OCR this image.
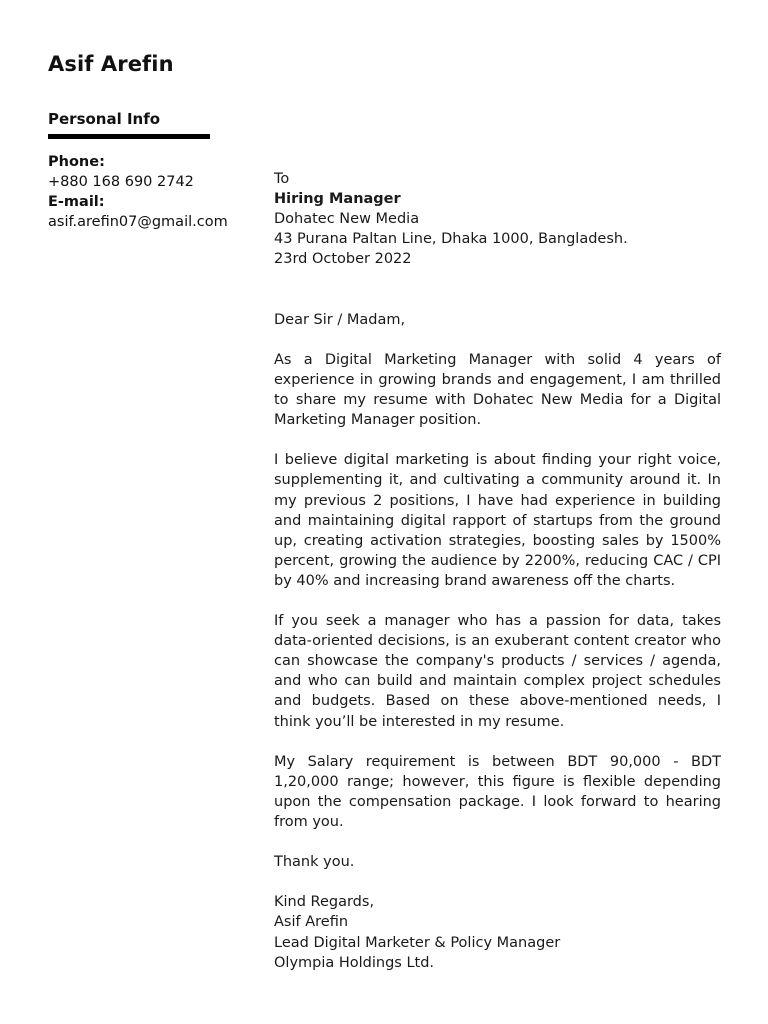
Asif Arefin
Personal Info
Phone:
+880 168 690 2742
E-mail:
asif.arefin07@gmail.com
To
Hiring Manager
Dohatec New Media
43 Purana Paltan Line, Dhaka 1000, Bangladesh.
23rd October 2022
Dear Sir / Madam,

As a Digital Marketing Manager with solid 4 years of experience in growing brands and engagement, I am thrilled to share my resume with Dohatec New Media for a Digital Marketing Manager position.

I believe digital marketing is about finding your right voice, supplementing it, and cultivating a community around it. In my previous 2 positions, I have had experience in building and maintaining digital rapport of startups from the ground up, creating activation strategies, boosting sales by 1500% percent, growing the audience by 2200%, reducing CAC / CPI by 40% and increasing brand awareness off the charts.

If you seek a manager who has a passion for data, takes data-oriented decisions, is an exuberant content creator who can showcase the company's products / services / agenda, and who can build and maintain complex project schedules and budgets. Based on these above-mentioned needs, I think you’ll be interested in my resume.

My Salary requirement is between BDT 90,000 - BDT 1,20,000 range; however, this figure is flexible depending upon the compensation package. I look forward to hearing from you.

Thank you.
Kind Regards,
Asif Arefin
Lead Digital Marketer & Policy Manager
Olympia Holdings Ltd.
